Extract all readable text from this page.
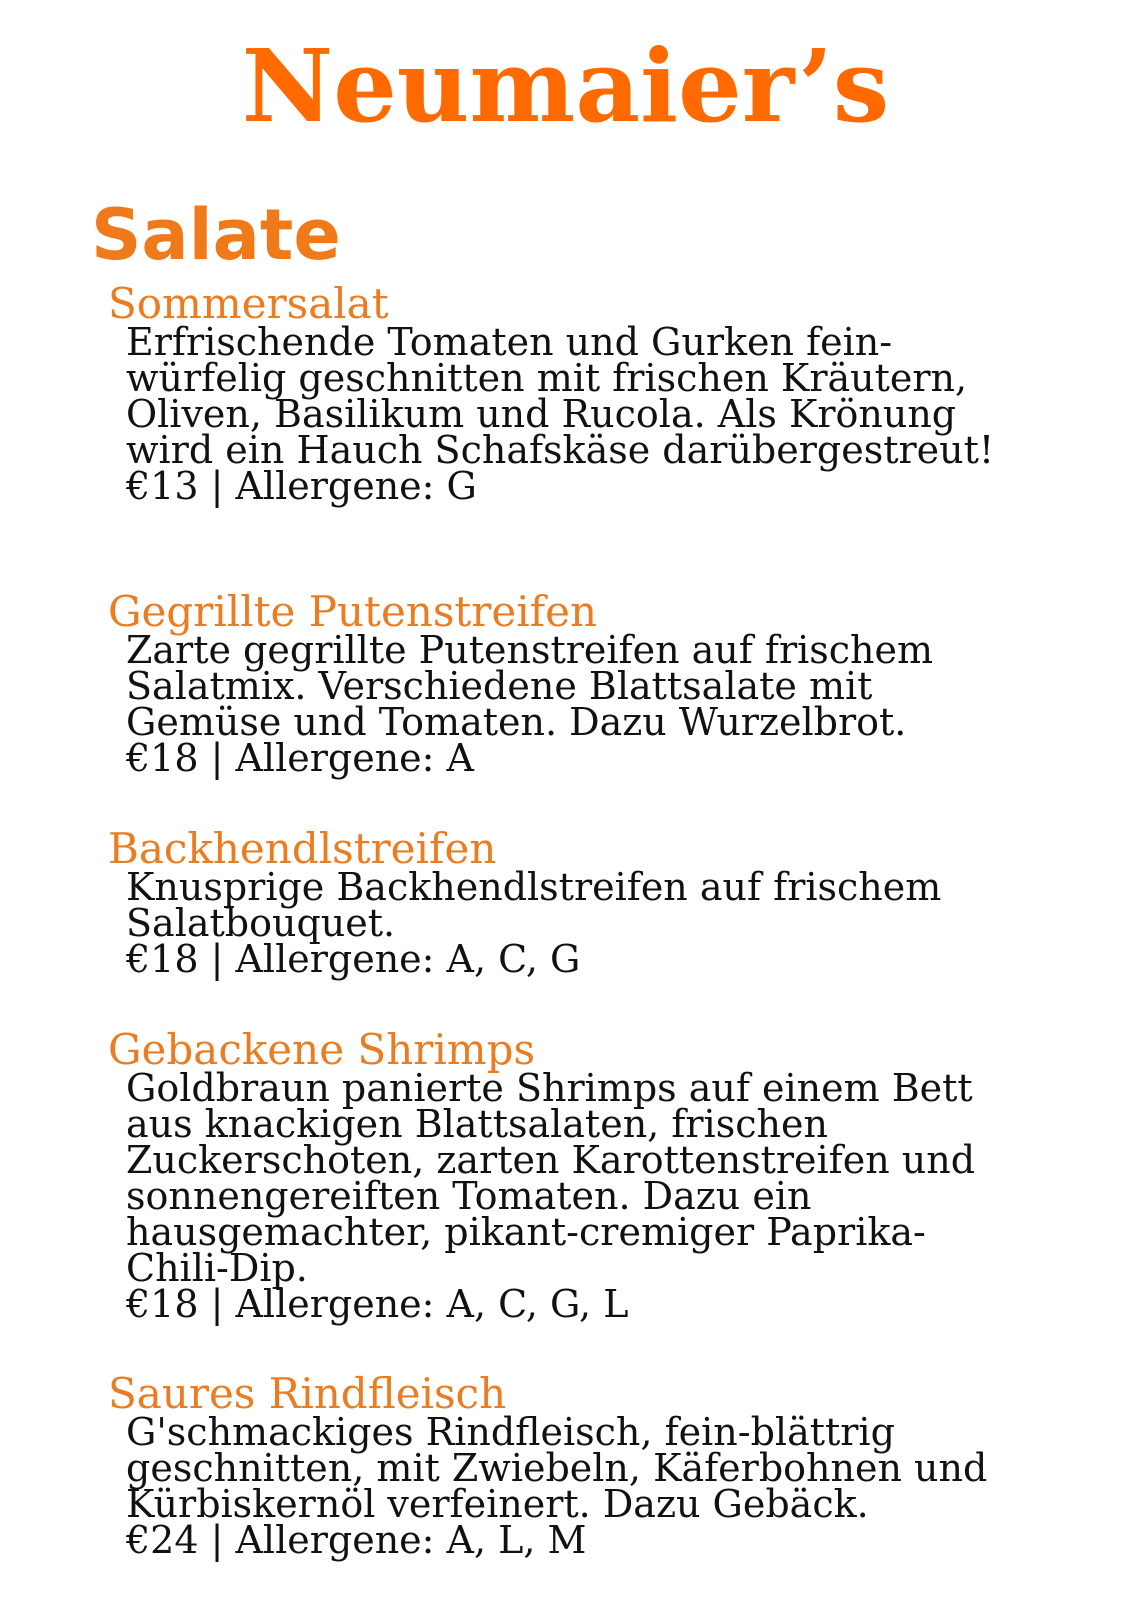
Neumaier’s
Salate
Sommersalat
Erfrischende Tomaten und Gurken fein-würfelig geschnitten mit frischen Kräutern, Oliven, Basilikum und Rucola. Als Krönung wird ein Hauch Schafskäse darübergestreut!
€13 | Allergene: G
Gegrillte Putenstreifen
Zarte gegrillte Putenstreifen auf frischem Salatmix. Verschiedene Blattsalate mit Gemüse und Tomaten. Dazu Wurzelbrot.
€18 | Allergene: A
Backhendlstreifen
Knusprige Backhendlstreifen auf frischem Salatbouquet.
€18 | Allergene: A, C, G
Gebackene Shrimps
Goldbraun panierte Shrimps auf einem Bett aus knackigen Blattsalaten, frischen Zuckerschoten, zarten Karottenstreifen und sonnengereiften Tomaten. Dazu ein hausgemachter, pikant-cremiger Paprika-Chili-Dip.
€18 | Allergene: A, C, G, L
Saures Rindfleisch
G'schmackiges Rindfleisch, fein-blättrig geschnitten, mit Zwiebeln, Käferbohnen und Kürbiskernöl verfeinert. Dazu Gebäck.
€24 | Allergene: A, L, M
